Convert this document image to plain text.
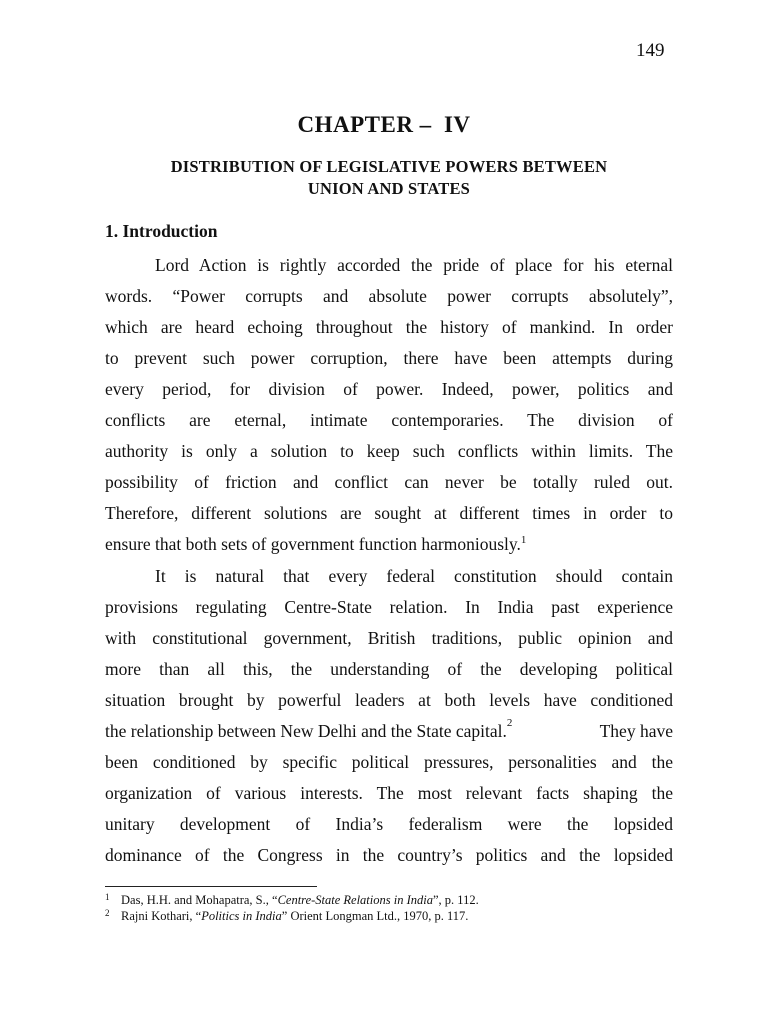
149
CHAPTER – IV
DISTRIBUTION OF LEGISLATIVE POWERS BETWEEN
UNION AND STATES
1. Introduction
Lord Action is rightly accorded the pride of place for his eternal
words. “Power corrupts and absolute power corrupts absolutely”,
which are heard echoing throughout the history of mankind. In order
to prevent such power corruption, there have been attempts during
every period, for division of power. Indeed, power, politics and
conflicts are eternal, intimate contemporaries. The division of
authority is only a solution to keep such conflicts within limits. The
possibility of friction and conflict can never be totally ruled out.
Therefore, different solutions are sought at different times in order to
ensure that both sets of government function harmoniously.$^1$
It is natural that every federal constitution should contain
provisions regulating Centre-State relation. In India past experience
with constitutional government, British traditions, public opinion and
more than all this, the understanding of the developing political
situation brought by powerful leaders at both levels have conditioned
the relationship between New Delhi and the State capital. 2	They have
been conditioned by specific political pressures, personalities and the
organization of various interests. The most relevant facts shaping the
unitary development of India’s federalism were the lopsided
dominance of the Congress in the country’s politics and the lopsided
1 Das, H.H. and Mohapatra, S., “Centre-State Relations in India”, p. 112.
2 Rajni Kothari, “Politics in India” Orient Longman Ltd., 1970, p. 117.
